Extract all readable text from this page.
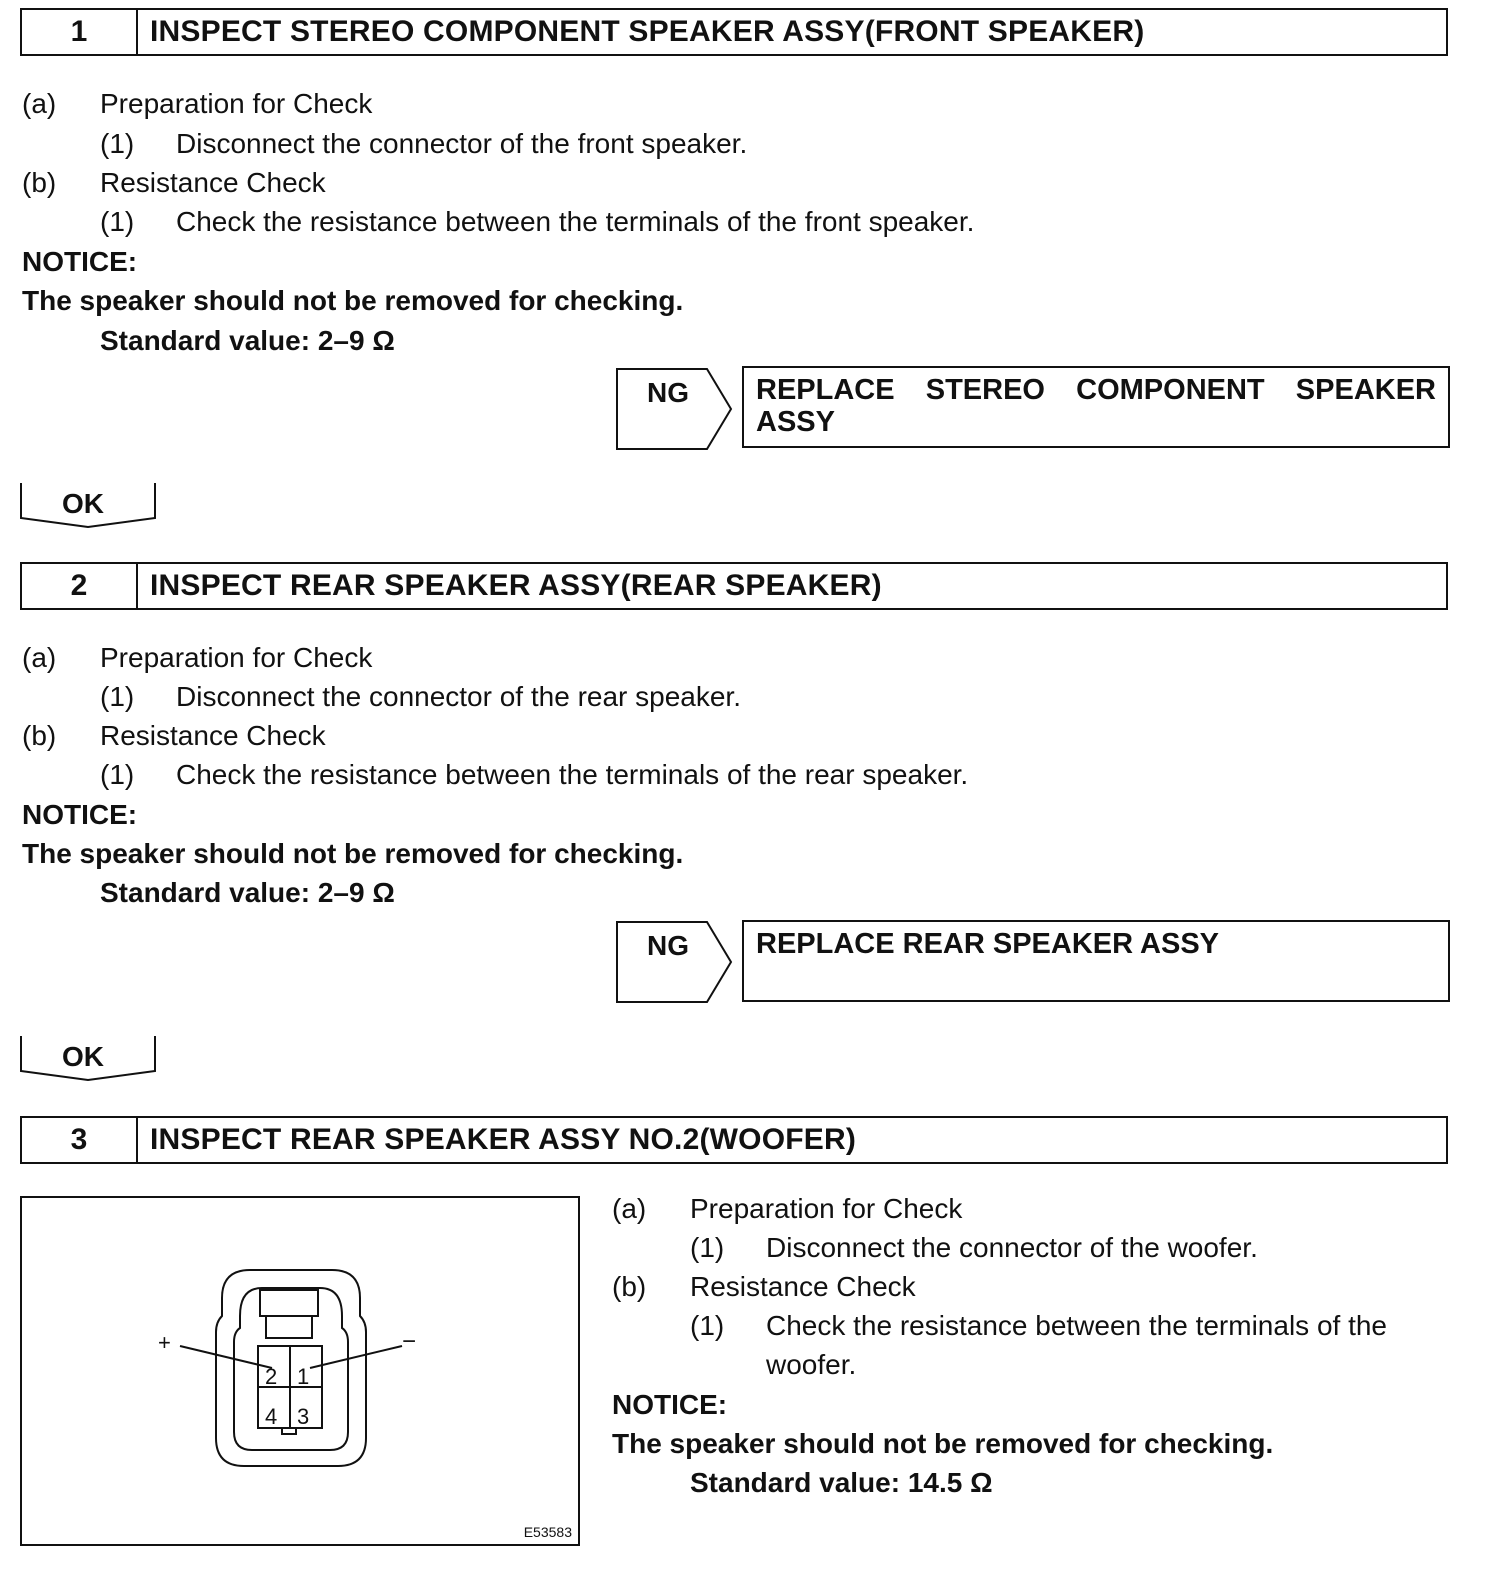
1	INSPECT STEREO COMPONENT SPEAKER ASSY(FRONT SPEAKER)
(a) Preparation for Check
(1) Disconnect the connector of the front speaker.
(b) Resistance Check
(1) Check the resistance between the terminals of the front speaker.
NOTICE:
The speaker should not be removed for checking.
Standard value: 2–9 Ω
NG	REPLACE STEREO COMPONENT SPEAKER ASSY
OK
2	INSPECT REAR SPEAKER ASSY(REAR SPEAKER)
(a) Preparation for Check
(1) Disconnect the connector of the rear speaker.
(b) Resistance Check
(1) Check the resistance between the terminals of the rear speaker.
NOTICE:
The speaker should not be removed for checking.
Standard value: 2–9 Ω
NG	REPLACE REAR SPEAKER ASSY
OK
3	INSPECT REAR SPEAKER ASSY NO.2(WOOFER)
+	−
2 1
4 3
E53583
(a) Preparation for Check
(1) Disconnect the connector of the woofer.
(b) Resistance Check
(1) Check the resistance between the terminals of the
woofer.
NOTICE:
The speaker should not be removed for checking.
Standard value: 14.5 Ω
